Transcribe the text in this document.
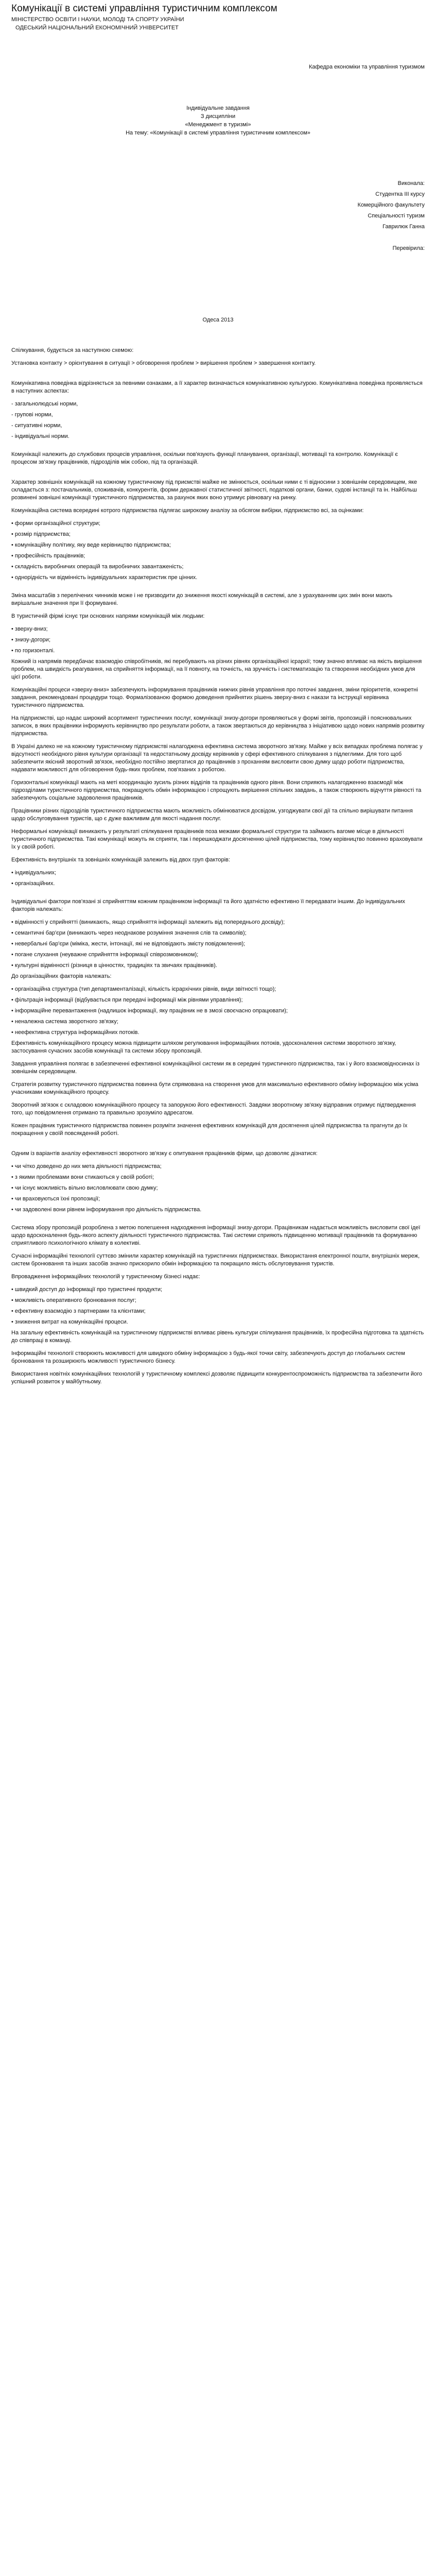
Комунікації в системі управління туристичним комплексом
МІНІСТЕРСТВО ОСВІТИ І НАУКИ, МОЛОДІ ТА СПОРТУ УКРАЇНИ
ОДЕСЬКИЙ НАЦІОНАЛЬНИЙ ЕКОНОМІЧНИЙ УНІВЕРСИТЕТ
Кафедра економіки та управління туризмом
Індивідуальне завдання
З дисципліни
«Менеджмент в туризмі»
На тему: «Комунікації в системі управління туристичним комплексом»
Виконала:
Студентка ІІІ курсу
Комерційного факультету
Спеціальності туризм
Гаврилюк Ганна

Перевірила:
Одеса 2013

Спілкування, будується за наступною схемою:

Установка контакту > орієнтування в ситуації > обговорення проблем > вирішення проблем > завершення контакту.

Комунікативна поведінка відрізняється за певними ознаками, а її характер визначається комунікативною культурою. Комунікативна поведінка проявляється в наступних аспектах:

- загальнолюдські норми,
- групові норми,
- ситуативні норми,
- індивідуальні норми.

Комунікації належить до службових процесів управління, оскільки пов'язують функції планування, організації, мотивації та контролю. Комунікації є процесом зв'язку працівників, підрозділів між собою, під та організацій.

Характер зовнішніх комунікацій на кожному туристичному під приємстві майже не змінюється, оскільки ними є ті відносини з зовнішнім середовищем, яке складається з: постачальників, споживачів, конкурентів, форми державної статистичної звітності, податкові органи, банки, судові інстанції та ін. Найбільш розвинені зовнішні комунікації туристичного підприємства, за рахунок яких воно утримує рівновагу на ринку.

Комунікаційна система всередині котрого підприємства підлягає широкому аналізу за обсягом вибірки, підприємство всі, за оцінками:

• форми організаційної структури;
• розмір підприємства;
• комунікаційну політику, яку веде керівництво підприємства;
• професійність працівників;
• складність виробничих операцій та виробничих завантаженість;
• однорідність чи відмінність індивідуальних характеристик пре цінних.

Зміна масштабів з перелічених чинників може і не призводити до зниження якості комунікацій в системі, але з урахуванням цих змін вони мають вирішальне значення при її формуванні.

В туристичній фірмі існує три основних напрями комунікацій між людьми:

• зверху-вниз;
• знизу-догори;
• по горизонталі.

Кожний із напрямів передбачає взаємодію співробітників, які перебувають на різних рівнях організаційної ієрархії; тому значно впливає на якість вирішення проблем, на швидкість реагування, на сприйняття інформації, на її повноту, на точність, на зручність і систематизацію та створення необхідних умов для цієї роботи.

Комунікаційні процеси «зверху-вниз» забезпечують інформування працівників нижчих рівнів управління про поточні завдання, зміни пріоритетів, конкретні завдання, рекомендовані процедури тощо. Формалізованою формою доведення прийнятих рішень зверху-вниз є накази та інструкції керівника туристичного підприємства.

На підприємстві, що надає широкий асортимент туристичних послуг, комунікації знизу-догори проявляються у формі звітів, пропозицій і пояснювальних записок, в яких працівники інформують керівництво про результати роботи, а також звертаються до керівництва з ініціативою щодо нових напрямів розвитку підприємства.

В Україні далеко не на кожному туристичному підприємстві налагоджена ефективна система зворотного зв'язку. Майже у всіх випадках проблема полягає у відсутності необхідного рівня культури організації та недостатньому досвіду керівників у сфері ефективного спілкування з підлеглими. Для того щоб забезпечити якісний зворотний зв'язок, необхідно постійно звертатися до працівників з проханням висловити свою думку щодо роботи підприємства, надавати можливості для обговорення будь-яких проблем, пов'язаних з роботою.

Горизонтальні комунікації мають на меті координацію зусиль різних відділів та працівників одного рівня. Вони сприяють налагодженню взаємодії між підрозділами туристичного підприємства, покращують обмін інформацією і спрощують вирішення спільних завдань, а також створюють відчуття рівності та забезпечують соціальне задоволення працівників.

Працівники різних підрозділів туристичного підприємства мають можливість обмінюватися досвідом, узгоджувати свої дії та спільно вирішувати питання щодо обслуговування туристів, що є дуже важливим для якості надання послуг.

Неформальні комунікації виникають у результаті спілкування працівників поза межами формальної структури та займають вагоме місце в діяльності туристичного підприємства. Такі комунікації можуть як сприяти, так і перешкоджати досягненню цілей підприємства, тому керівництво повинно враховувати їх у своїй роботі.

Ефективність внутрішніх та зовнішніх комунікацій залежить від двох груп факторів:

• індивідуальних;
• організаційних.

Індивідуальні фактори пов'язані зі сприйняттям кожним працівником інформації та його здатністю ефективно її передавати іншим. До індивідуальних факторів належать:

• відмінності у сприйнятті (виникають, якщо сприйняття інформації залежить від попереднього досвіду);
• семантичні бар'єри (виникають через неоднакове розуміння значення слів та символів);
• невербальні бар'єри (міміка, жести, інтонації, які не відповідають змісту повідомлення);
• погане слухання (неуважне сприйняття інформації співрозмовником);
• культурні відмінності (різниця в цінностях, традиціях та звичаях працівників).

До організаційних факторів належать:

• організаційна структура (тип департаменталізації, кількість ієрархічних рівнів, види звітності тощо);
• фільтрація інформації (відбувається при передачі інформації між рівнями управління);
• інформаційне перевантаження (надлишок інформації, яку працівник не в змозі своєчасно опрацювати);
• неналежна система зворотного зв'язку;
• неефективна структура інформаційних потоків.

Ефективність комунікаційного процесу можна підвищити шляхом регулювання інформаційних потоків, удосконалення системи зворотного зв'язку, застосування сучасних засобів комунікації та системи збору пропозицій.

Завдання управління полягає в забезпеченні ефективної комунікаційної системи як в середині туристичного підприємства, так і у його взаємовідносинах із зовнішнім середовищем.

Стратегія розвитку туристичного підприємства повинна бути спрямована на створення умов для максимально ефективного обміну інформацією між усіма учасниками комунікаційного процесу.

Зворотний зв'язок є складовою комунікаційного процесу та запорукою його ефективності. Завдяки зворотному зв'язку відправник отримує підтвердження того, що повідомлення отримано та правильно зрозуміло адресатом.

Кожен працівник туристичного підприємства повинен розуміти значення ефективних комунікацій для досягнення цілей підприємства та прагнути до їх покращення у своїй повсякденній роботі.

Одним із варіантів аналізу ефективності зворотного зв'язку є опитування працівників фірми, що дозволяє дізнатися:

• чи чітко доведено до них мета діяльності підприємства;
• з якими проблемами вони стикаються у своїй роботі;
• чи існує можливість вільно висловлювати свою думку;
• чи враховуються їхні пропозиції;
• чи задоволені вони рівнем інформування про діяльність підприємства.

Система збору пропозицій розроблена з метою полегшення надходження інформації знизу-догори. Працівникам надається можливість висловити свої ідеї щодо вдосконалення будь-якого аспекту діяльності туристичного підприємства. Такі системи сприяють підвищенню мотивації працівників та формуванню сприятливого психологічного клімату в колективі.

Сучасні інформаційні технології суттєво змінили характер комунікацій на туристичних підприємствах. Використання електронної пошти, внутрішніх мереж, систем бронювання та інших засобів значно прискорило обмін інформацією та покращило якість обслуговування туристів.

Впровадження інформаційних технологій у туристичному бізнесі надає:

• швидкий доступ до інформації про туристичні продукти;
• можливість оперативного бронювання послуг;
• ефективну взаємодію з партнерами та клієнтами;
• зниження витрат на комунікаційні процеси.

На загальну ефективність комунікацій на туристичному підприємстві впливає рівень культури спілкування працівників, їх професійна підготовка та здатність до співпраці в команді.

Інформаційні технології створюють можливості для швидкого обміну інформацією з будь-якої точки світу, забезпечують доступ до глобальних систем бронювання та розширюють можливості туристичного бізнесу.

Використання новітніх комунікаційних технологій у туристичному комплексі дозволяє підвищити конкурентоспроможність підприємства та забезпечити його успішний розвиток у майбутньому.
